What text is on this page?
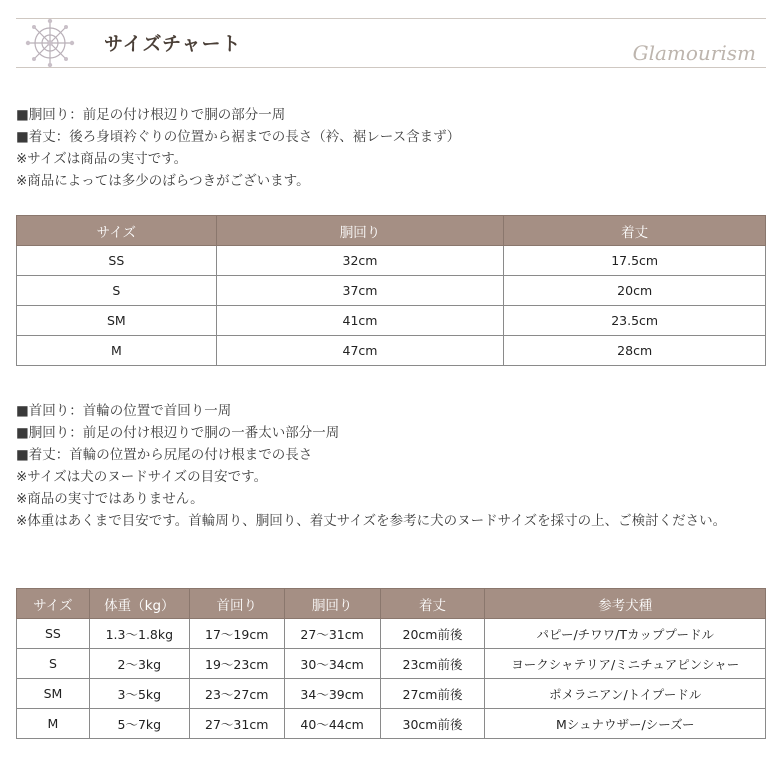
サイズチャート	Glamourism
■胴回り：前足の付け根辺りで胴の部分一周
■着丈：後ろ身頃衿ぐりの位置から裾までの長さ（衿、裾レース含まず）
※サイズは商品の実寸です。
※商品によっては多少のばらつきがございます。
サイズ	胴回り	着丈
SS	32cm	17.5cm
S	37cm	20cm
SM	41cm	23.5cm
M	47cm	28cm
■首回り：首輪の位置で首回り一周
■胴回り：前足の付け根辺りで胴の一番太い部分一周
■着丈：首輪の位置から尻尾の付け根までの長さ
※サイズは犬のヌードサイズの目安です。
※商品の実寸ではありません。
※体重はあくまで目安です。首輪周り、胴回り、着丈サイズを参考に犬のヌードサイズを採寸の上、ご検討ください。
サイズ	体重（kg）	首回り	胴回り	着丈	参考犬種
SS	1.3～1.8kg	17～19cm	27～31cm	20cm前後	パピー/チワワ/Tカッププードル
S	2～3kg	19～23cm	30～34cm	23cm前後	ヨークシャテリア/ミニチュアピンシャー
SM	3～5kg	23～27cm	34～39cm	27cm前後	ポメラニアン/トイプードル
M	5～7kg	27～31cm	40～44cm	30cm前後	Mシュナウザー/シーズー
